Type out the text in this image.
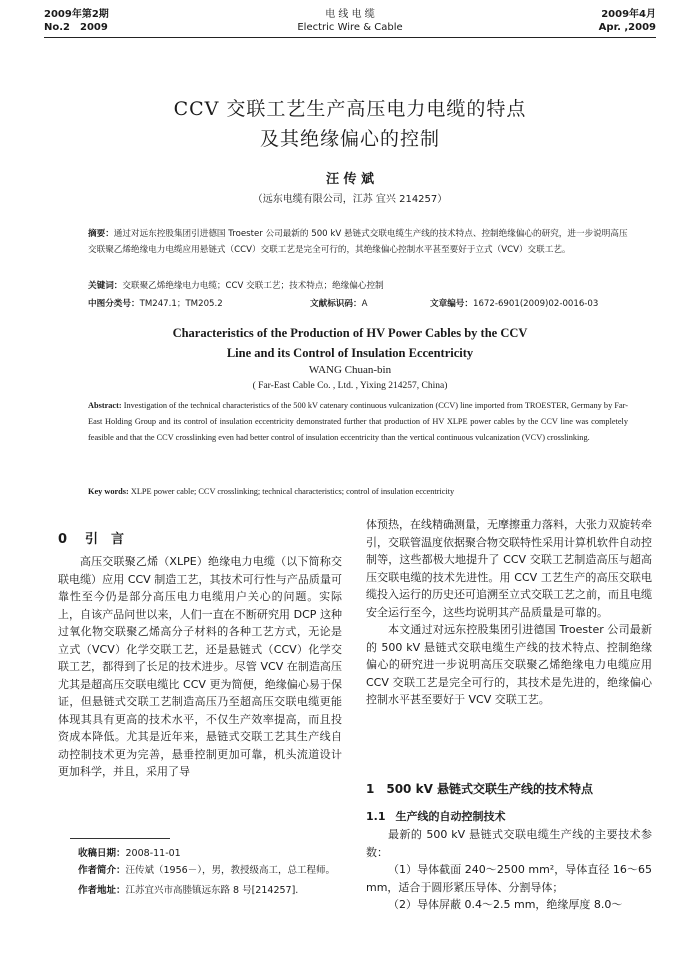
2009年第2期
No.2　2009
电 线 电 缆
Electric Wire & Cable
2009年4月
Apr. ,2009
CCV 交联工艺生产高压电力电缆的特点
及其绝缘偏心的控制
汪 传 斌
（远东电缆有限公司，江苏 宜兴 214257）
摘要：通过对远东控股集团引进德国 Troester 公司最新的 500 kV 悬链式交联电缆生产线的技术特点、控制绝缘偏心的研究，进一步说明高压交联聚乙烯绝缘电力电缆应用悬链式（CCV）交联工艺是完全可行的，其绝缘偏心控制水平甚至要好于立式（VCV）交联工艺。
关键词：交联聚乙烯绝缘电力电缆；CCV 交联工艺；技术特点；绝缘偏心控制
中图分类号：TM247.1；TM205.2	文献标识码：A	文章编号：1672-6901(2009)02-0016-03
Characteristics of the Production of HV Power Cables by the CCV
Line and its Control of Insulation Eccentricity
WANG Chuan-bin
( Far-East Cable Co. , Ltd. , Yixing 214257, China)
Abstract: Investigation of the technical characteristics of the 500 kV catenary continuous vulcanization (CCV) line imported from TROESTER, Germany by Far-East Holding Group and its control of insulation eccentricity demonstrated further that production of HV XLPE power cables by the CCV line was completely feasible and that the CCV crosslinking even had better control of insulation eccentricity than the vertical continuous vulcanization (VCV) crosslinking.
Key words: XLPE power cable; CCV crosslinking; technical characteristics; control of insulation eccentricity
0 引　言

高压交联聚乙烯（XLPE）绝缘电力电缆（以下简称交联电缆）应用 CCV 制造工艺，其技术可行性与产品质量可靠性至今仍是部分高压电力电缆用户关心的问题。实际上，自该产品问世以来，人们一直在不断研究用 DCP 这种过氧化物交联聚乙烯高分子材料的各种工艺方式，无论是立式（VCV）化学交联工艺，还是悬链式（CCV）化学交联工艺，都得到了长足的技术进步。尽管 VCV 在制造高压尤其是超高压交联电缆比 CCV 更为简便，绝缘偏心易于保证，但悬链式交联工艺制造高压乃至超高压交联电缆更能体现其具有更高的技术水平，不仅生产效率提高，而且投资成本降低。尤其是近年来，悬链式交联工艺其生产线自动控制技术更为完善，悬垂控制更加可靠，机头流道设计更加科学，并且，采用了导

收稿日期：2008-11-01
作者简介：汪传斌（1956－），男，教授级高工，总工程师。
作者地址：江苏宜兴市高塍镇远东路 8 号[214257].

体预热，在线精确测量，无摩擦重力落料，大张力双旋转牵引，交联管温度依据聚合物交联特性采用计算机软件自动控制等，这些都极大地提升了 CCV 交联工艺制造高压与超高压交联电缆的技术先进性。用 CCV 工艺生产的高压交联电缆投入运行的历史还可追溯至立式交联工艺之前，而且电缆安全运行至今，这些均说明其产品质量是可靠的。

本文通过对远东控股集团引进德国 Troester 公司最新的 500 kV 悬链式交联电缆生产线的技术特点、控制绝缘偏心的研究进一步说明高压交联聚乙烯绝缘电力电缆应用 CCV 交联工艺是完全可行的，其技术是先进的，绝缘偏心控制水平甚至要好于 VCV 交联工艺。

1 500 kV 悬链式交联生产线的技术特点
1.1 生产线的自动控制技术

最新的 500 kV 悬链式交联电缆生产线的主要技术参数：

（1）导体截面 240～2500 mm²，导体直径 16～65 mm，适合于圆形紧压导体、分割导体；

（2）导体屏蔽 0.4～2.5 mm，绝缘厚度 8.0～
